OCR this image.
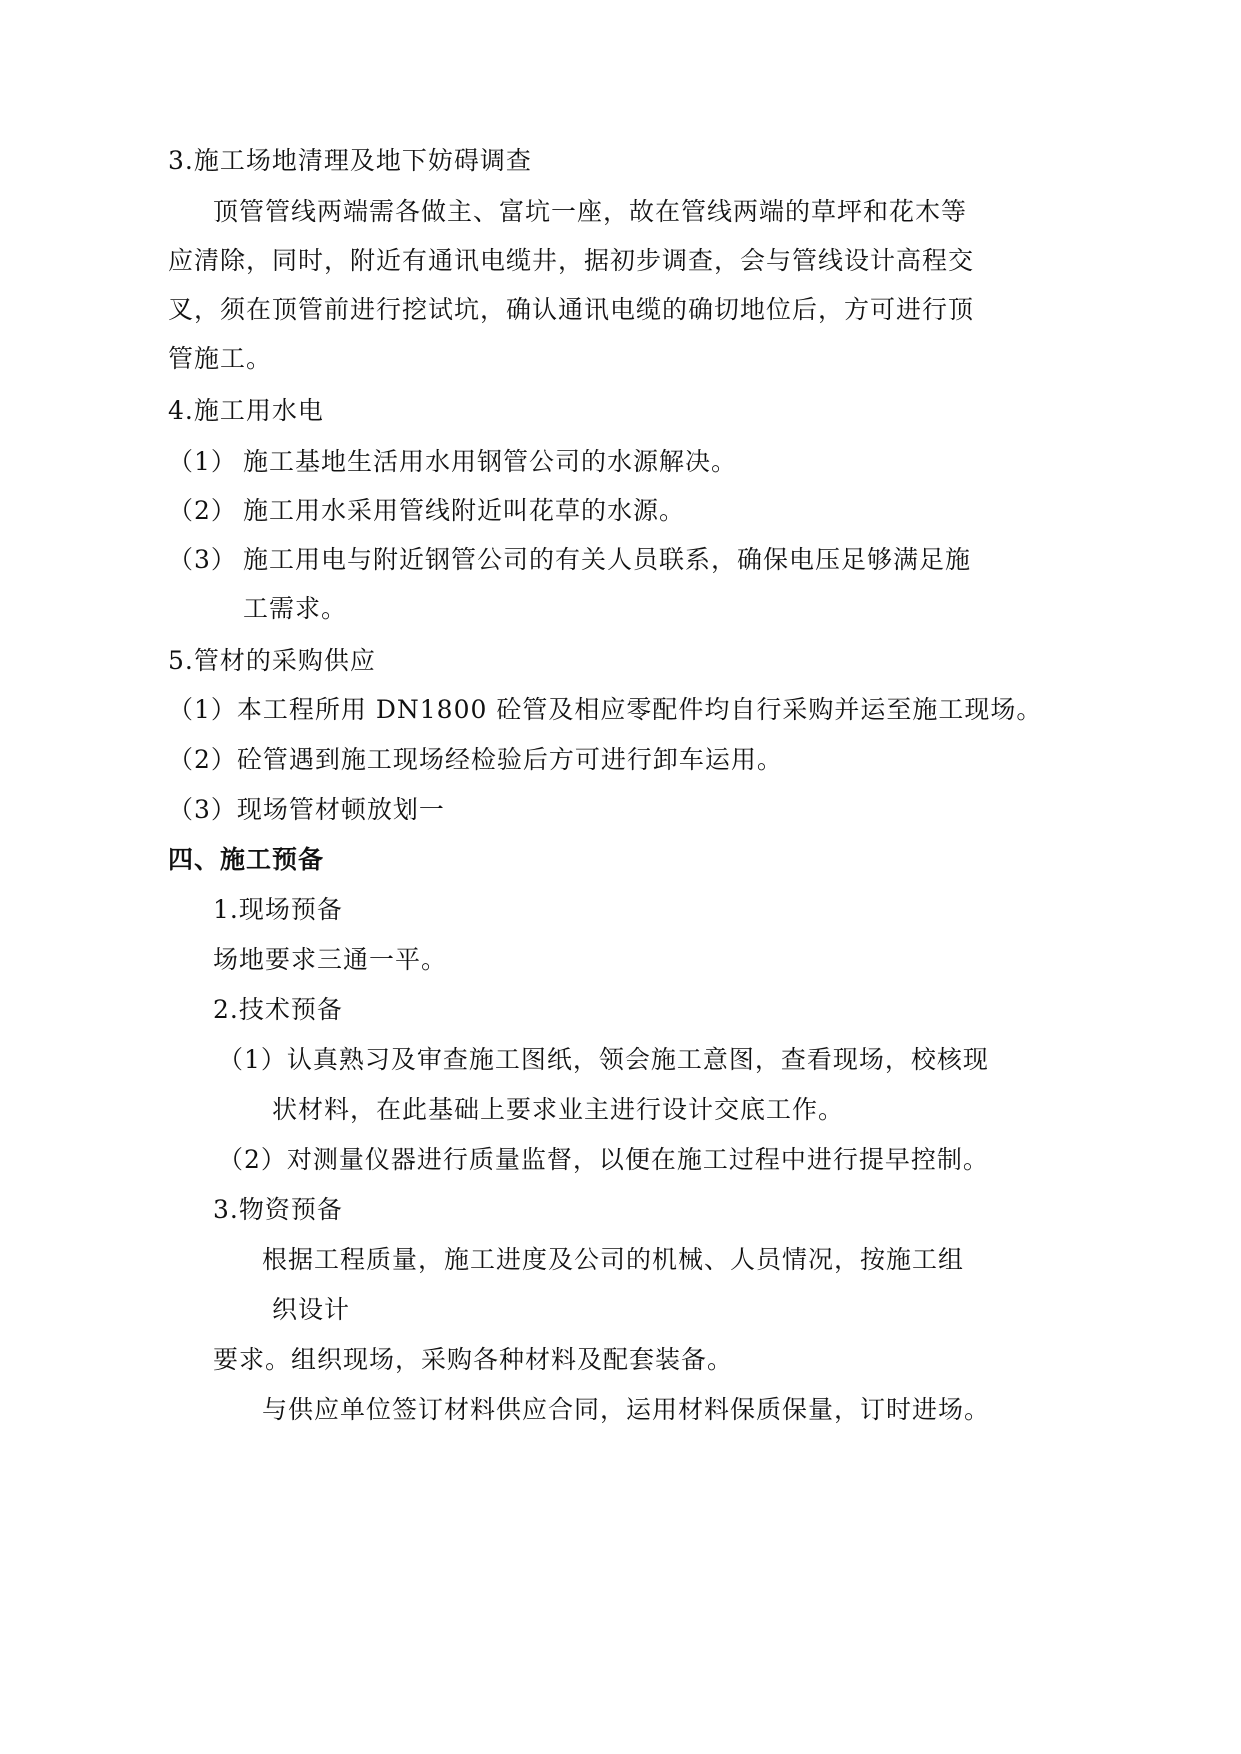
3.施工场地清理及地下妨碍调查
顶管管线两端需各做主、富坑一座，故在管线两端的草坪和花木等
应清除，同时，附近有通讯电缆井，据初步调查，会与管线设计高程交
叉，须在顶管前进行挖试坑，确认通讯电缆的确切地位后，方可进行顶
管施工。
4.施工用水电
（1） 施工基地生活用水用钢管公司的水源解决。
（2） 施工用水采用管线附近叫花草的水源。
（3） 施工用电与附近钢管公司的有关人员联系，确保电压足够满足施
工需求。
5.管材的采购供应
（1）本工程所用 DN1800 砼管及相应零配件均自行采购并运至施工现场。
（2）砼管遇到施工现场经检验后方可进行卸车运用。
（3）现场管材顿放划一
四、施工预备
1.现场预备
场地要求三通一平。
2.技术预备
（1）认真熟习及审查施工图纸，领会施工意图，查看现场，校核现
状材料，在此基础上要求业主进行设计交底工作。
（2）对测量仪器进行质量监督，以便在施工过程中进行提早控制。
3.物资预备
根据工程质量，施工进度及公司的机械、人员情况，按施工组
织设计
要求。组织现场，采购各种材料及配套装备。
与供应单位签订材料供应合同，运用材料保质保量，订时进场。
